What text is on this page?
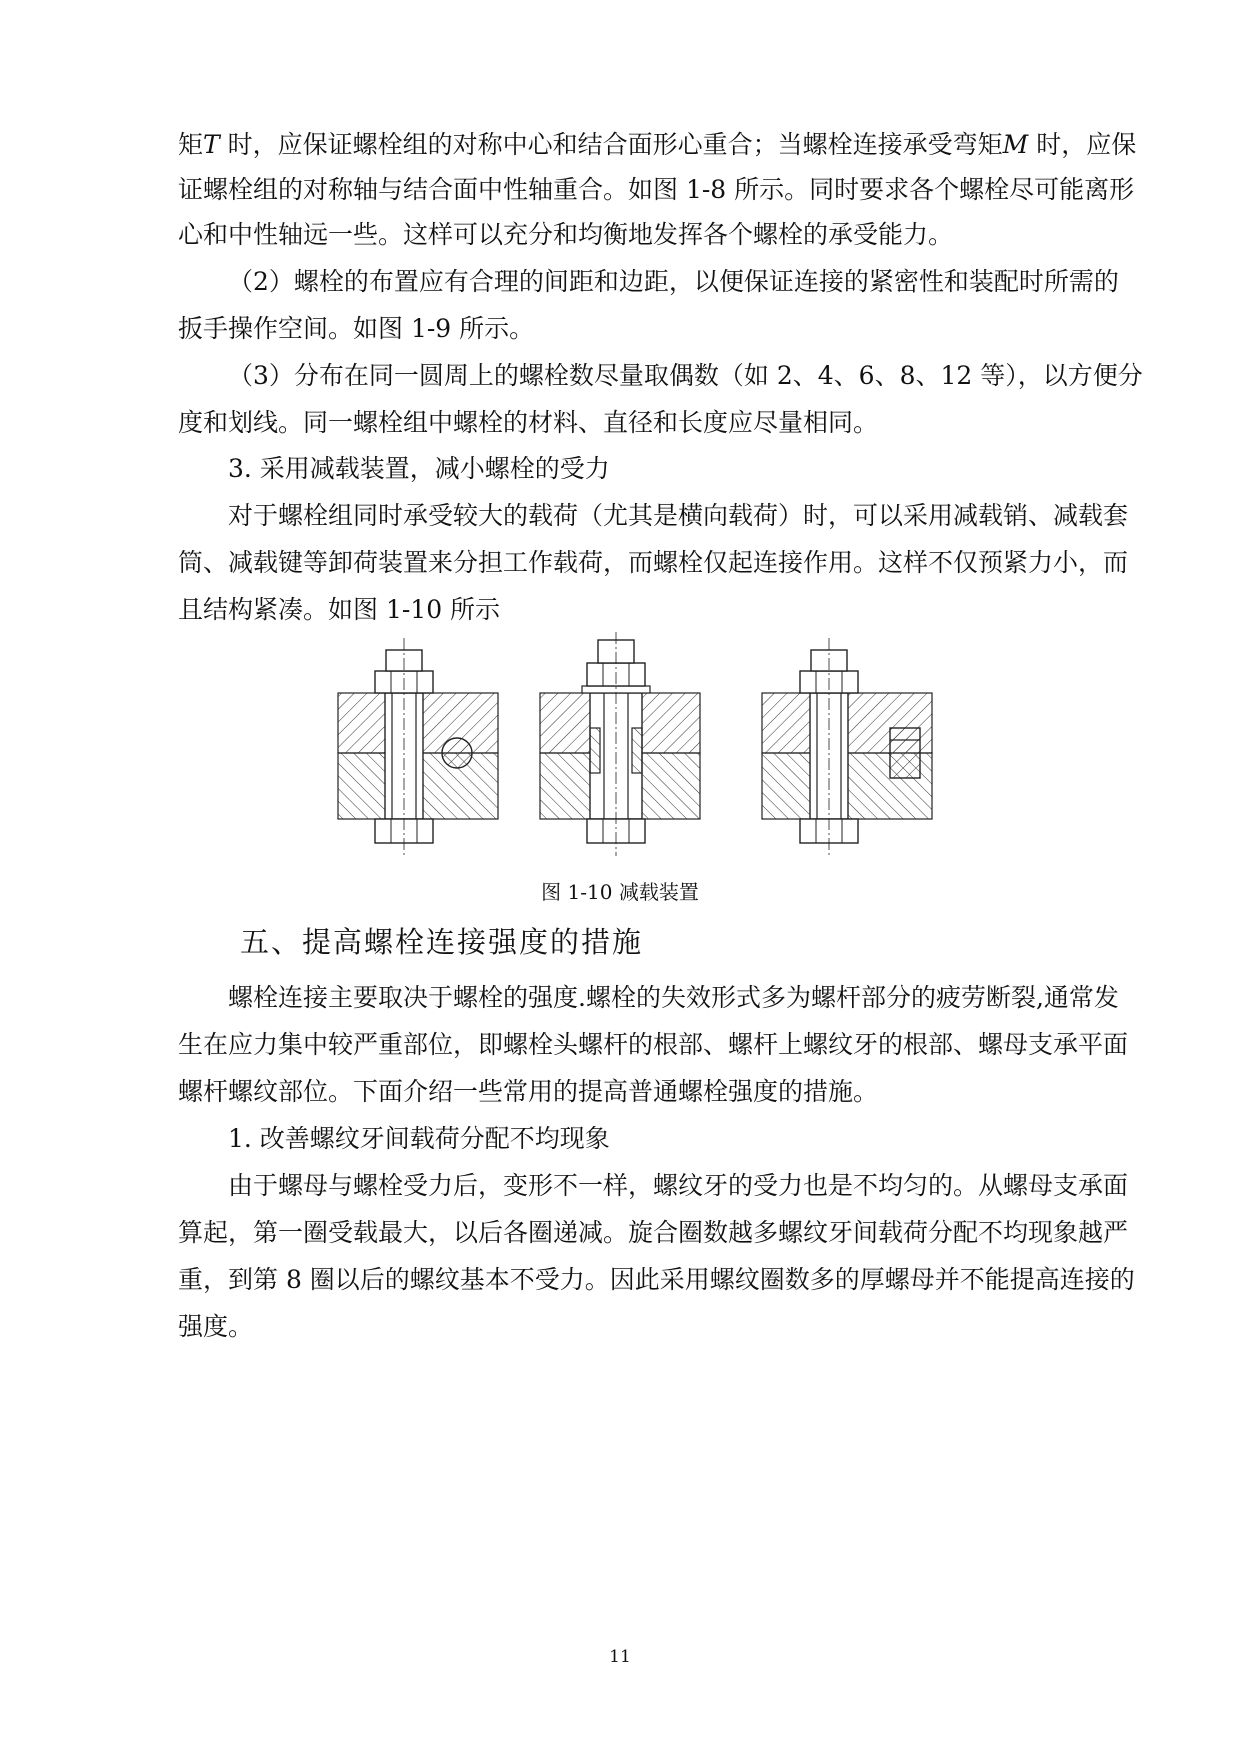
矩T 时，应保证螺栓组的对称中心和结合面形心重合；当螺栓连接承受弯矩M 时，应保
证螺栓组的对称轴与结合面中性轴重合。如图 1-8 所示。同时要求各个螺栓尽可能离形
心和中性轴远一些。这样可以充分和均衡地发挥各个螺栓的承受能力。
（2）螺栓的布置应有合理的间距和边距，以便保证连接的紧密性和装配时所需的
扳手操作空间。如图 1-9 所示。
（3）分布在同一圆周上的螺栓数尽量取偶数（如 2、4、6、8、12 等），以方便分
度和划线。同一螺栓组中螺栓的材料、直径和长度应尽量相同。
3. 采用减载装置，减小螺栓的受力
对于螺栓组同时承受较大的载荷（尤其是横向载荷）时，可以采用减载销、减载套
筒、减载键等卸荷装置来分担工作载荷，而螺栓仅起连接作用。这样不仅预紧力小，而
且结构紧凑。如图 1-10 所示
图 1-10 减载装置
五、提高螺栓连接强度的措施
螺栓连接主要取决于螺栓的强度.螺栓的失效形式多为螺杆部分的疲劳断裂,通常发
生在应力集中较严重部位，即螺栓头螺杆的根部、螺杆上螺纹牙的根部、螺母支承平面
螺杆螺纹部位。下面介绍一些常用的提高普通螺栓强度的措施。
1. 改善螺纹牙间载荷分配不均现象
由于螺母与螺栓受力后，变形不一样，螺纹牙的受力也是不均匀的。从螺母支承面
算起，第一圈受载最大，以后各圈递减。旋合圈数越多螺纹牙间载荷分配不均现象越严
重，到第 8 圈以后的螺纹基本不受力。因此采用螺纹圈数多的厚螺母并不能提高连接的
强度。
11
